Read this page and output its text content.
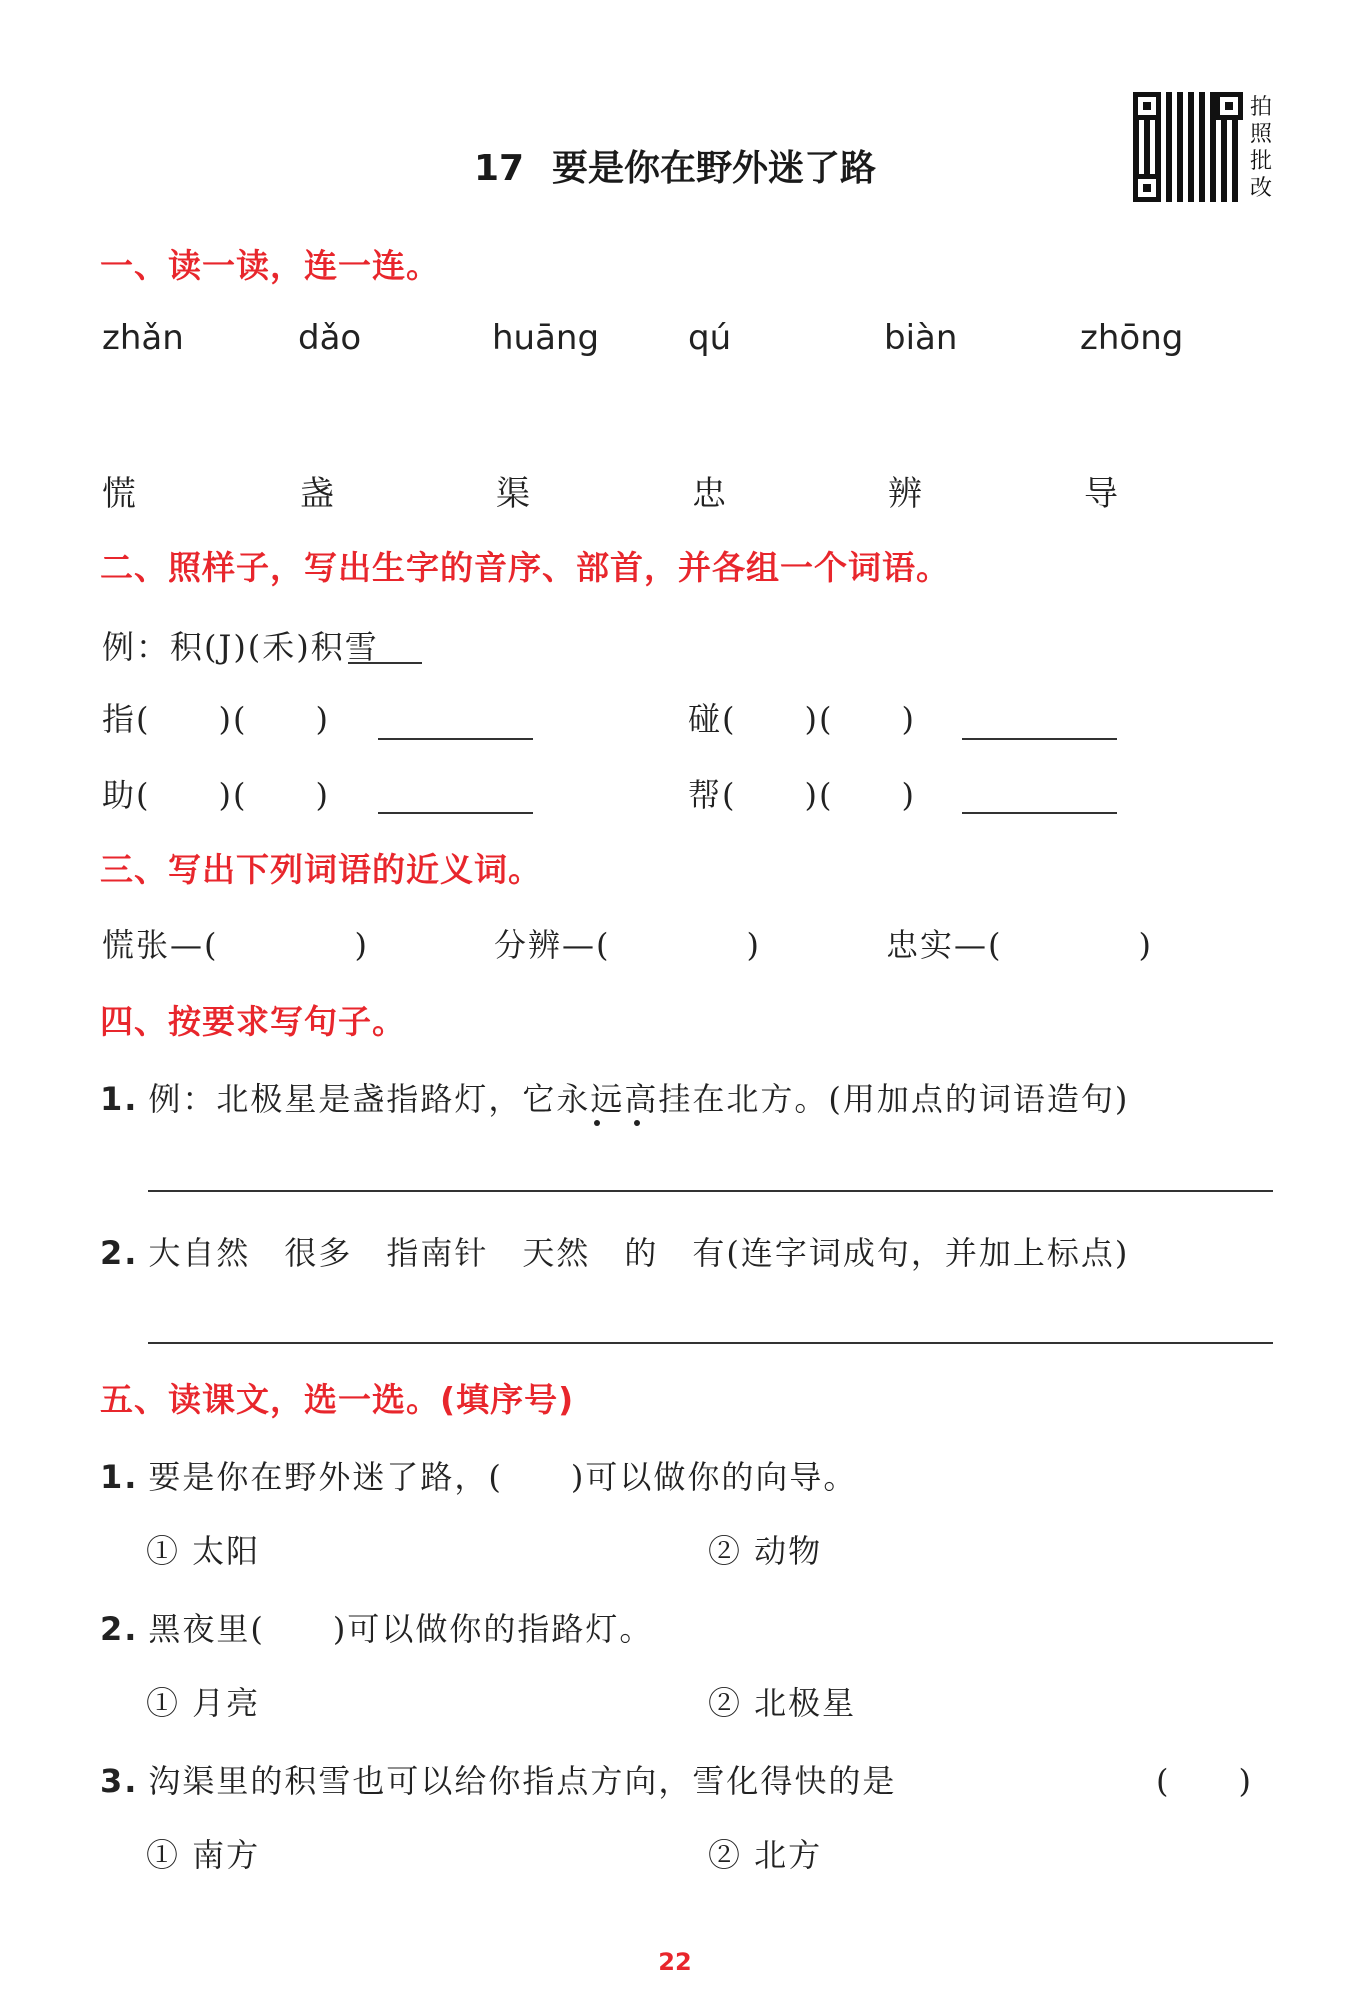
17 要是你在野外迷了路
拍照批改
一、读一读，连一连。
zhǎn	dǎo	huāng	qú	biàn	zhōng
慌	盏	渠	忠	辨	导
二、照样子，写出生字的音序、部首，并各组一个词语。
例：积(J)(禾)积雪
指(　　)(　　)	碰(　　)(　　)
助(　　)(　　)	帮(　　)(　　)
三、写出下列词语的近义词。
慌张—(　　　　)	分辨—(　　　　)	忠实—(　　　　)
四、按要求写句子。
1. 例：北极星是盏指路灯，它永远高挂在北方。(用加点的词语造句)
2. 大自然　很多　指南针　天然　的　有(连字词成句，并加上标点)
五、读课文，选一选。(填序号)
1. 要是你在野外迷了路，(　　)可以做你的向导。
① 太阳	② 动物
2. 黑夜里(　　)可以做你的指路灯。
① 月亮	② 北极星
3. 沟渠里的积雪也可以给你指点方向，雪化得快的是	(　　)
① 南方	② 北方
22
